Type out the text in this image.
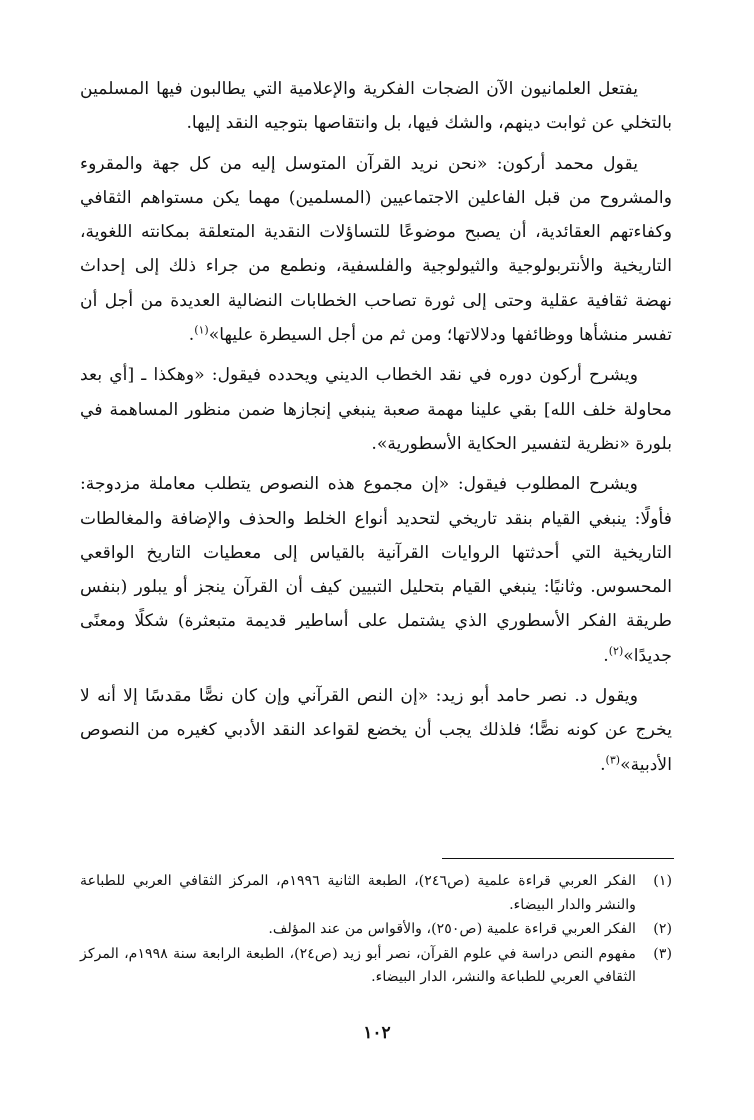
يفتعل العلمانيون الآن الضجات الفكرية والإعلامية التي يطالبون فيها المسلمين بالتخلي عن ثوابت دينهم، والشك فيها، بل وانتقاصها بتوجيه النقد إليها.

يقول محمد أركون: «نحن نريد القرآن المتوسل إليه من كل جهة والمقروء والمشروح من قبل الفاعلين الاجتماعيين (المسلمين) مهما يكن مستواهم الثقافي وكفاءتهم العقائدية، أن يصبح موضوعًا للتساؤلات النقدية المتعلقة بمكانته اللغوية، التاريخية والأنتربولوجية والثيولوجية والفلسفية، ونطمع من جراء ذلك إلى إحداث نهضة ثقافية عقلية وحتى إلى ثورة تصاحب الخطابات النضالية العديدة من أجل أن تفسر منشأها ووظائفها ودلالاتها؛ ومن ثم من أجل السيطرة عليها»$^{(١)}$.

ويشرح أركون دوره في نقد الخطاب الديني ويحدده فيقول: «وهكذا ـ [أي بعد محاولة خلف الله] بقي علينا مهمة صعبة ينبغي إنجازها ضمن منظور المساهمة في بلورة «نظرية لتفسير الحكاية الأسطورية».

ويشرح المطلوب فيقول: «إن مجموع هذه النصوص يتطلب معاملة مزدوجة: فأولًا: ينبغي القيام بنقد تاريخي لتحديد أنواع الخلط والحذف والإضافة والمغالطات التاريخية التي أحدثتها الروايات القرآنية بالقياس إلى معطيات التاريخ الواقعي المحسوس. وثانيًا: ينبغي القيام بتحليل التبيين كيف أن القرآن ينجز أو يبلور (بنفس طريقة الفكر الأسطوري الذي يشتمل على أساطير قديمة متبعثرة) شكلًا ومعنًى جديدًا»$^{(٢)}$.

ويقول د. نصر حامد أبو زيد: «إن النص القرآني وإن كان نصًّا مقدسًا إلا أنه لا يخرج عن كونه نصًّا؛ فلذلك يجب أن يخضع لقواعد النقد الأدبي كغيره من النصوص الأدبية»$^{(٣)}$.

(١)
الفكر العربي قراءة علمية (ص٢٤٦)، الطبعة الثانية ١٩٩٦م، المركز الثقافي العربي للطباعة والنشر والدار البيضاء.
(٢)
الفكر العربي قراءة علمية (ص٢٥٠)، والأقواس من عند المؤلف.
(٣)
مفهوم النص دراسة في علوم القرآن، نصر أبو زيد (ص٢٤)، الطبعة الرابعة سنة ١٩٩٨م، المركز الثقافي العربي للطباعة والنشر، الدار البيضاء.
١٠٢
